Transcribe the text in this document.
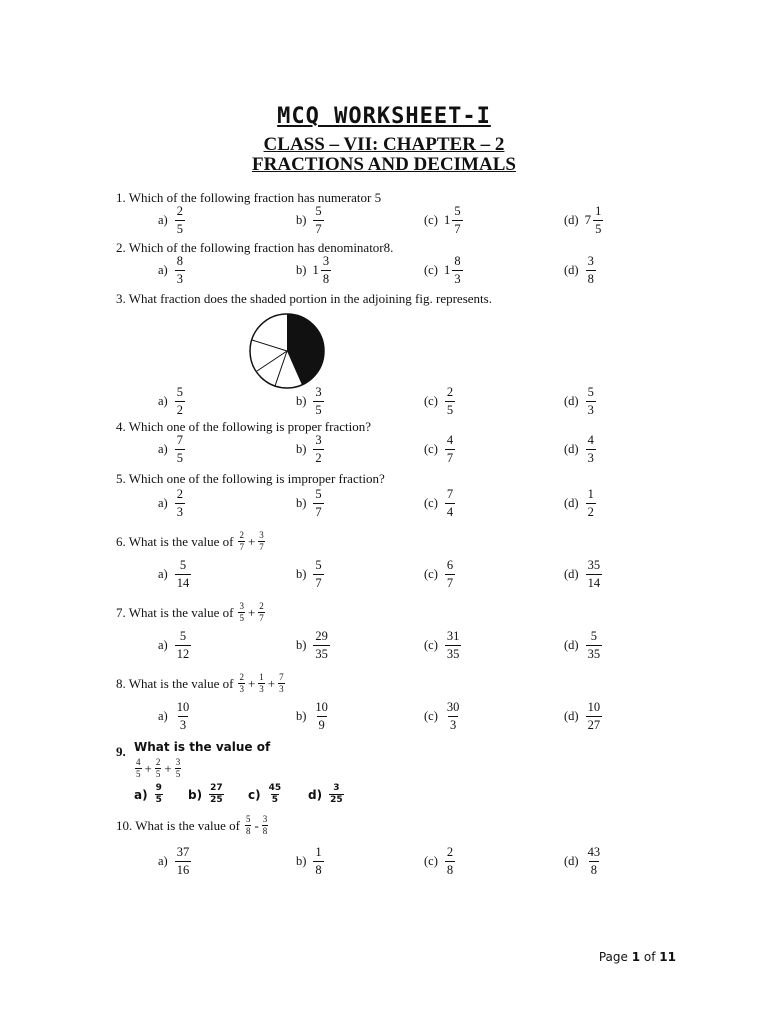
MCQ WORKSHEET-I
CLASS – VII: CHAPTER – 2
FRACTIONS AND DECIMALS
1. Which of the following fraction has numerator 5
$a) \frac{2}{5}$	$b) \frac{5}{7}$	(c) $1 \frac{5}{7}$	(d) $7 \frac{1}{5}$
2. Which of the following fraction has denominator8.
$a) \frac{8}{3}$	b) $1 \frac{3}{8}$	(c) $1 \frac{8}{3}$	$(d) \frac{3}{8}$
3. What fraction does the shaded portion in the adjoining fig. represents.
$a) \frac{5}{2}$	$b) \frac{3}{5}$	$(c) \frac{2}{5}$	$(d) \frac{5}{3}$
4. Which one of the following is proper fraction?
$a) \frac{7}{5}$	$b) \frac{3}{2}$	$(c) \frac{4}{7}$	$(d) \frac{4}{3}$
5. Which one of the following is improper fraction?
$a) \frac{2}{3}$	$b) \frac{5}{7}$	$(c) \frac{7}{4}$	$(d) \frac{1}{2}$
6. What is the value of $\frac{2}{7} + \frac{3}{7}$
$a) \frac{5}{14}$	$b) \frac{5}{7}$	$(c) \frac{6}{7}$	$(d) \frac{35}{14}$
7. What is the value of $\frac{3}{5} + \frac{2}{7}$
$a) \frac{5}{12}$	$b) \frac{29}{35}$	$(c) \frac{31}{35}$	$(d) \frac{5}{35}$
8. What is the value of $\frac{2}{3} + \frac{1}{3} + \frac{7}{3}$
$a) \frac{10}{3}$	$b) \frac{10}{9}$	$(c) \frac{30}{3}$	$(d) \frac{10}{27}$
10. What is the value of $\frac{5}{8} - \frac{3}{8}$
$a) \frac{37}{16}$	$b) \frac{1}{8}$	$(c) \frac{2}{8}$	$(d) \frac{43}{8}$
9. What is the value of
$\frac{4}{5} + \frac{2}{5} + \frac{3}{5}$
$a) \frac{9}{5} b) \frac{27}{25} c) \frac{45}{5} d) \frac{3}{25}$
Page 1 of 11
